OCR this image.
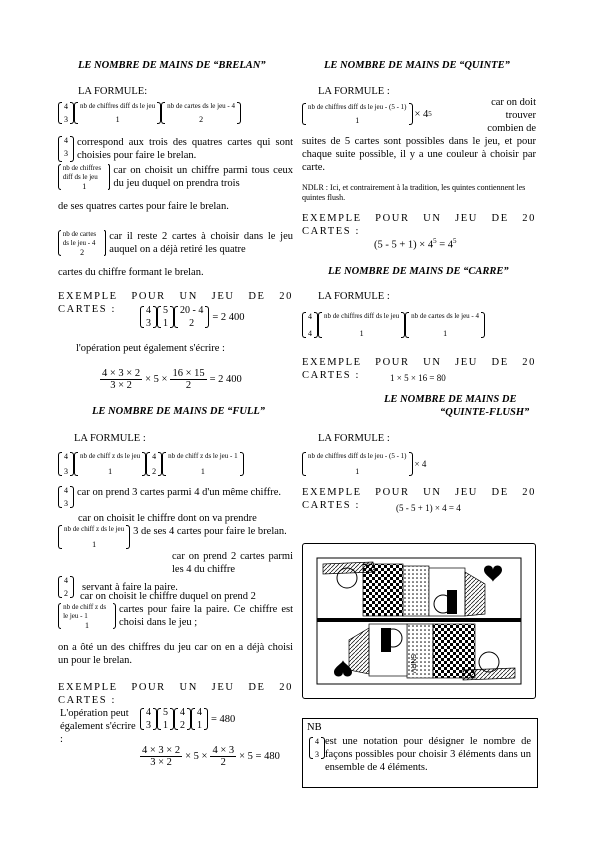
LE NOMBRE DE MAINS DE “BRELAN”
LA FORMULE:
4
3
nb de chiffres diff ds le jeu
1
nb de cartes ds le jeu - 4
2
4
3
correspond aux trois des quatres cartes qui sont choisies pour faire le brelan.
nb de chiffres diff ds le jeu
1
car on choisit un chiffre parmi tous ceux du jeu duquel on prendra trois
de ses quatres cartes pour faire le brelan.
nb de cartes ds le jeu - 4
2
car il reste 2 cartes à choisir dans le jeu auquel on a déjà retiré les quatre
cartes du chiffre formant le brelan.
EXEMPLE POUR UN JEU DE 20 CARTES :	4
3
5
1
20 - 4
2
= 2 400
l'opération peut également s'écrire :
$\frac{4 \times 3 \times 2}{3 \times 2} \times 5 \times \frac{16 \times 15}{2} = 2$ 400
LE NOMBRE DE MAINS DE “FULL”
LA FORMULE :
4
3
nb de chiff z ds le jeu
1
4
2
nb de chiff z ds le jeu - 1
1
4
3
car on prend 3 cartes parmi 4 d'un même chiffre.
car on choisit le chiffre dont on va prendre
nb de chiff z ds le jeu
1
3 de ses 4 cartes pour faire le brelan.
car on prend 2 cartes parmi les 4 du chiffre
4
2
servant à faire la paire.
car on choisit le chiffre duquel on prend 2
nb de chiff z ds le jeu - 1
1
cartes pour faire la paire. Ce chiffre est choisi dans le jeu ;
on a ôté un des chiffres du jeu car on en a déjà choisi un pour le brelan.
EXEMPLE POUR UN JEU DE 20 CARTES :
L'opération peut également s'écrire :
4
3
5
1
4
2
4
1
= 480
$\frac{4 \times 3 \times 2}{3 \times 2} \times 5 \times \frac{4 \times 3}{2} \times 5 = 480$
LE NOMBRE DE MAINS DE “QUINTE”
LA FORMULE :
nb de chiffres diff ds le jeu - (5 - 1)
1
× 4 5
car on doit trouver combien de
suites de 5 cartes sont possibles dans le jeu, et pour chaque suite possible, il y a une couleur à choisir par carte.
NDLR : Ici, et contrairement à la tradition, les quintes contiennent les quintes flush.
EXEMPLE POUR UN JEU DE 20 CARTES :
$(5 - 5 + 1) \times 4^5 = 4^5$
LE NOMBRE DE MAINS DE “CARRE”
LA FORMULE :
4
4
nb de chiffres diff ds le jeu
1
nb de cartes ds le jeu - 4
1
EXEMPLE POUR UN JEU DE 20 CARTES :	1 × 5 × 16 = 80
LE NOMBRE DE MAINS DE
“QUINTE-FLUSH”
LA FORMULE :
nb de chiffres diff ds le jeu - (5 - 1)
1
× 4
EXEMPLE POUR UN JEU DE 20 CARTES :	(5 - 5 + 1) × 4 = 4
SNRV
NB
4
3
est une notation pour désigner le nombre de façons possibles pour choisir 3 éléments dans un ensemble de 4 éléments.
